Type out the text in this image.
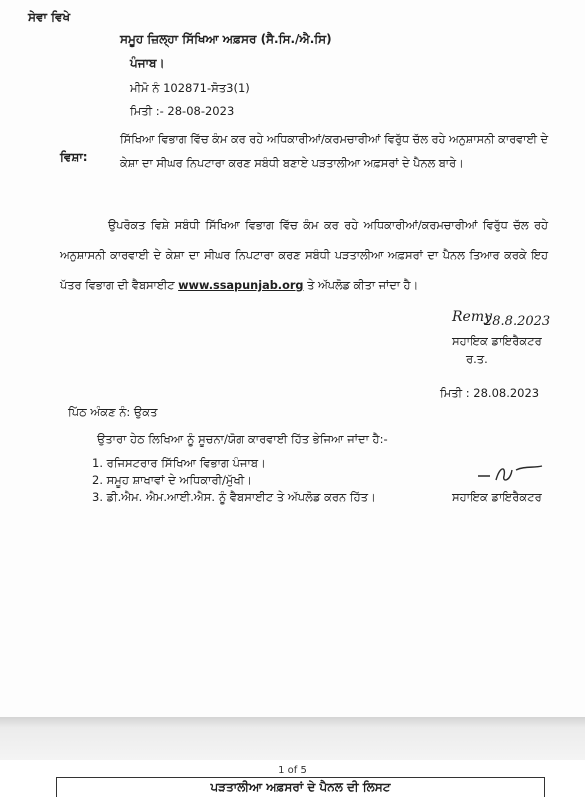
ਸੇਵਾ ਵਿਖੇ
ਸਮੂਹ ਜ਼ਿਲ੍ਹਾ ਸਿੱਖਿਆ ਅਫ਼ਸਰ (ਸੈ.ਸਿ./ਐ.ਸਿ)
ਪੰਜਾਬ।
ਮੀਮੋ ਨੰ 102871-ਸੋਤ3(1)
ਮਿਤੀ :- 28-08-2023
ਵਿਸ਼ਾ:
ਸਿੱਖਿਆ ਵਿਭਾਗ ਵਿੱਚ ਕੰਮ ਕਰ ਰਹੇ ਅਧਿਕਾਰੀਆਂ/ਕਰਮਚਾਰੀਆਂ ਵਿਰੁੱਧ ਚੱਲ ਰਹੇ ਅਨੁਸ਼ਾਸਨੀ ਕਾਰਵਾਈ ਦੇ ਕੇਸ਼ਾ ਦਾ ਸੀਘਰ ਨਿਪਟਾਰਾ ਕਰਣ ਸਬੰਧੀ ਬਣਾਏ ਪੜਤਾਲੀਆ ਅਫ਼ਸਰਾਂ ਦੇ ਪੈਨਲ ਬਾਰੇ।
ਉਪਰੋਕਤ ਵਿਸ਼ੇ ਸਬੰਧੀ ਸਿੱਖਿਆ ਵਿਭਾਗ ਵਿੱਚ ਕੰਮ ਕਰ ਰਹੇ ਅਧਿਕਾਰੀਆਂ/ਕਰਮਚਾਰੀਆਂ ਵਿਰੁੱਧ ਚੱਲ ਰਹੇ ਅਨੁਸ਼ਾਸਨੀ ਕਾਰਵਾਈ ਦੇ ਕੇਸ਼ਾ ਦਾ ਸੀਘਰ ਨਿਪਟਾਰਾ ਕਰਣ ਸਬੰਧੀ ਪੜਤਾਲੀਆ ਅਫ਼ਸਰਾਂ ਦਾ ਪੈਨਲ ਤਿਆਰ ਕਰਕੇ ਇਹ ਪੱਤਰ ਵਿਭਾਗ ਦੀ ਵੈਬਸਾਈਟ www.ssapunjab.org ਤੇ ਅੱਪਲੋਡ ਕੀਤਾ ਜਾਂਦਾ ਹੈ।
Remy
28.8.2023
ਸਹਾਇਕ ਡਾਇਰੈਕਟਰ
ਰ.ਤ.
ਮਿਤੀ : 28.08.2023
ਪਿੱਠ ਅੰਕਣ ਨੰ: ਉਕਤ
ਉਤਾਰਾ ਹੇਠ ਲਿਖਿਆ ਨੂੰ ਸੂਚਨਾ/ਯੋਗ ਕਾਰਵਾਈ ਹਿੱਤ ਭੇਜਿਆ ਜਾਂਦਾ ਹੈ:-
1. ਰਜਿਸਟਰਾਰ ਸਿੱਖਿਆ ਵਿਭਾਗ ਪੰਜਾਬ।
2. ਸਮੂਹ ਸ਼ਾਖਾਵਾਂ ਦੇ ਅਧਿਕਾਰੀ/ਮੁੱਖੀ।
3. ਡੀ.ਐਮ. ਐਮ.ਆਈ.ਐਸ. ਨੂੰ ਵੈਬਸਾਈਟ ਤੇ ਅੱਪਲੋਡ ਕਰਨ ਹਿੱਤ।	ਸਹਾਇਕ ਡਾਇਰੈਕਟਰ
1 of 5
ਪੜਤਾਲੀਆ ਅਫ਼ਸਰਾਂ ਦੇ ਪੈਨਲ ਦੀ ਲਿਸਟ
